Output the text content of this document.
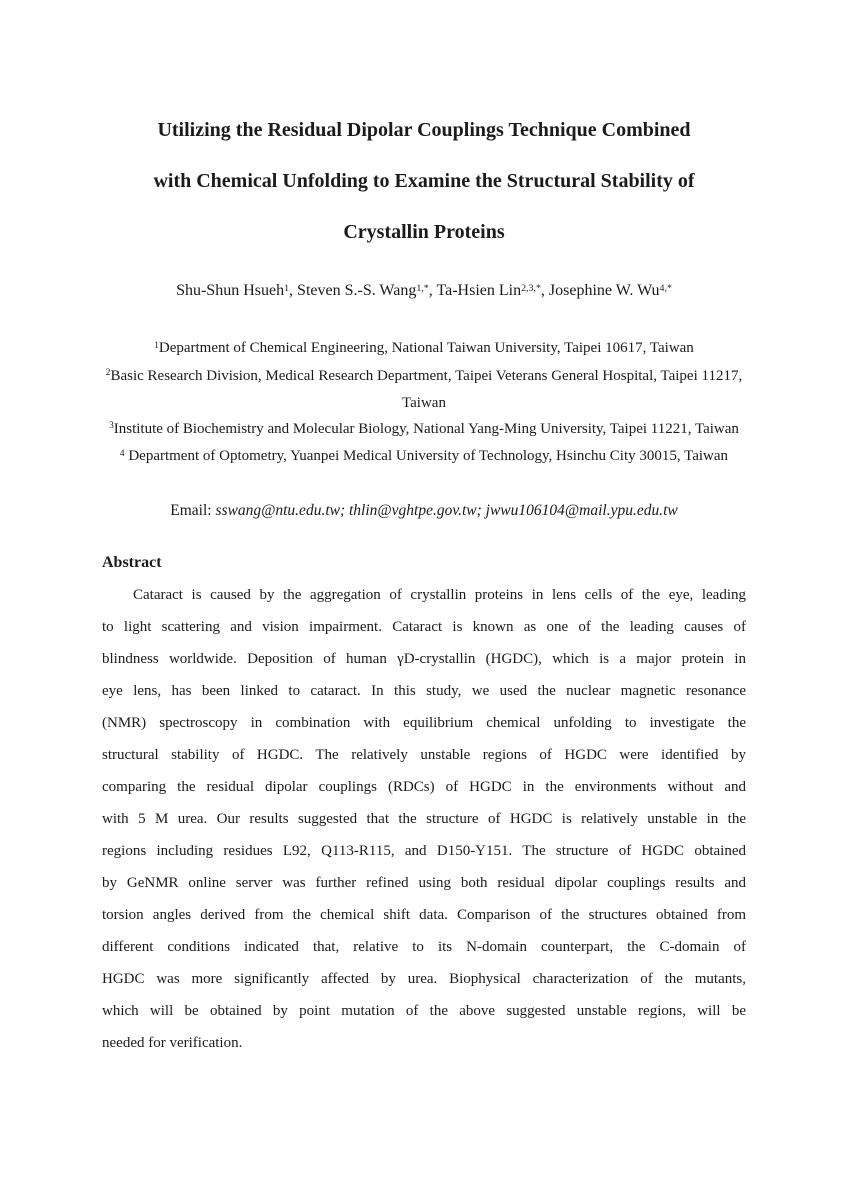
Utilizing the Residual Dipolar Couplings Technique Combined
with Chemical Unfolding to Examine the Structural Stability of
Crystallin Proteins
Shu-Shun Hsueh$^1$, Steven S.-S. Wang$^{1,*}$, Ta-Hsien Lin$^{2,3,*}$, Josephine W. $Wu^{4,*}$
$^1$Department of Chemical Engineering, National Taiwan University, Taipei 10617, Taiwan
$^2$Basic Research Division, Medical Research Department, Taipei Veterans General Hospital, Taipei 11217, Taiwan
$^3$Institute of Biochemistry and Molecular Biology, National Yang-Ming University, Taipei 11221, Taiwan
$^4$ Department of Optometry, Yuanpei Medical University of Technology, Hsinchu City 30015, Taiwan
Email: sswang@ntu.edu.tw; thlin@vghtpe.gov.tw; jwwu106104@mail.ypu.edu.tw
Abstract
Cataract is caused by the aggregation of crystallin proteins in lens cells of the eye, leading
to light scattering and vision impairment. Cataract is known as one of the leading causes of
blindness worldwide. Deposition of human γD-crystallin (HGDC), which is a major protein in
eye lens, has been linked to cataract. In this study, we used the nuclear magnetic resonance
(NMR) spectroscopy in combination with equilibrium chemical unfolding to investigate the
structural stability of HGDC. The relatively unstable regions of HGDC were identified by
comparing the residual dipolar couplings (RDCs) of HGDC in the environments without and
with 5 M urea. Our results suggested that the structure of HGDC is relatively unstable in the
regions including residues L92, Q113-R115, and D150-Y151. The structure of HGDC obtained
by GeNMR online server was further refined using both residual dipolar couplings results and
torsion angles derived from the chemical shift data. Comparison of the structures obtained from
different conditions indicated that, relative to its N-domain counterpart, the C-domain of
HGDC was more significantly affected by urea. Biophysical characterization of the mutants,
which will be obtained by point mutation of the above suggested unstable regions, will be
needed for verification.
